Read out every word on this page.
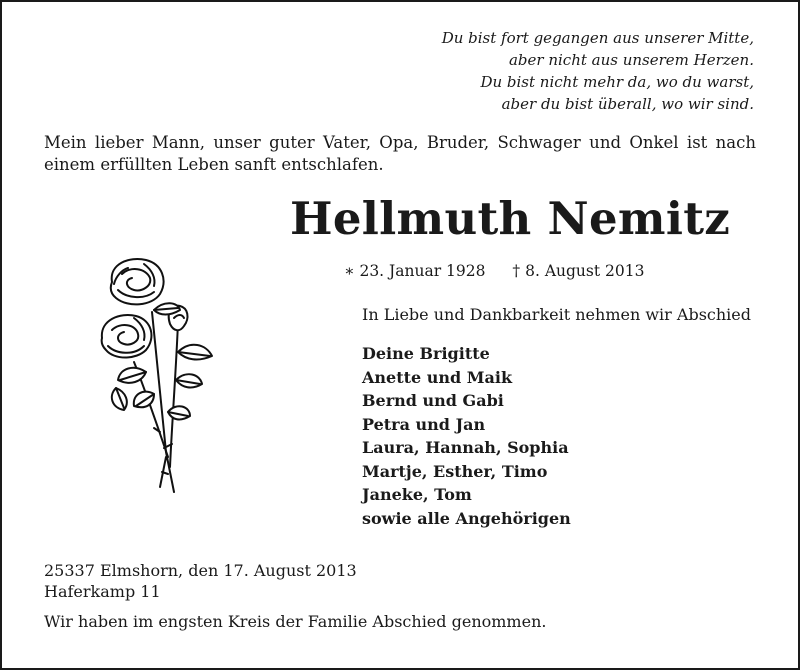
Du bist fort gegangen aus unserer Mitte,
aber nicht aus unserem Herzen.
Du bist nicht mehr da, wo du warst,
aber du bist überall, wo wir sind.

Mein lieber Mann, unser guter Vater, Opa, Bruder, Schwager und Onkel ist nach einem erfüllten Leben sanft entschlafen.

Hellmuth Nemitz
∗ 23. Januar 1928 † 8. August 2013
In Liebe und Dankbarkeit nehmen wir Abschied
Deine Brigitte
Anette und Maik
Bernd und Gabi
Petra und Jan
Laura, Hannah, Sophia
Martje, Esther, Timo
Janeke, Tom
sowie alle Angehörigen
25337 Elmshorn, den 17. August 2013
Haferkamp 11
Wir haben im engsten Kreis der Familie Abschied genommen.
